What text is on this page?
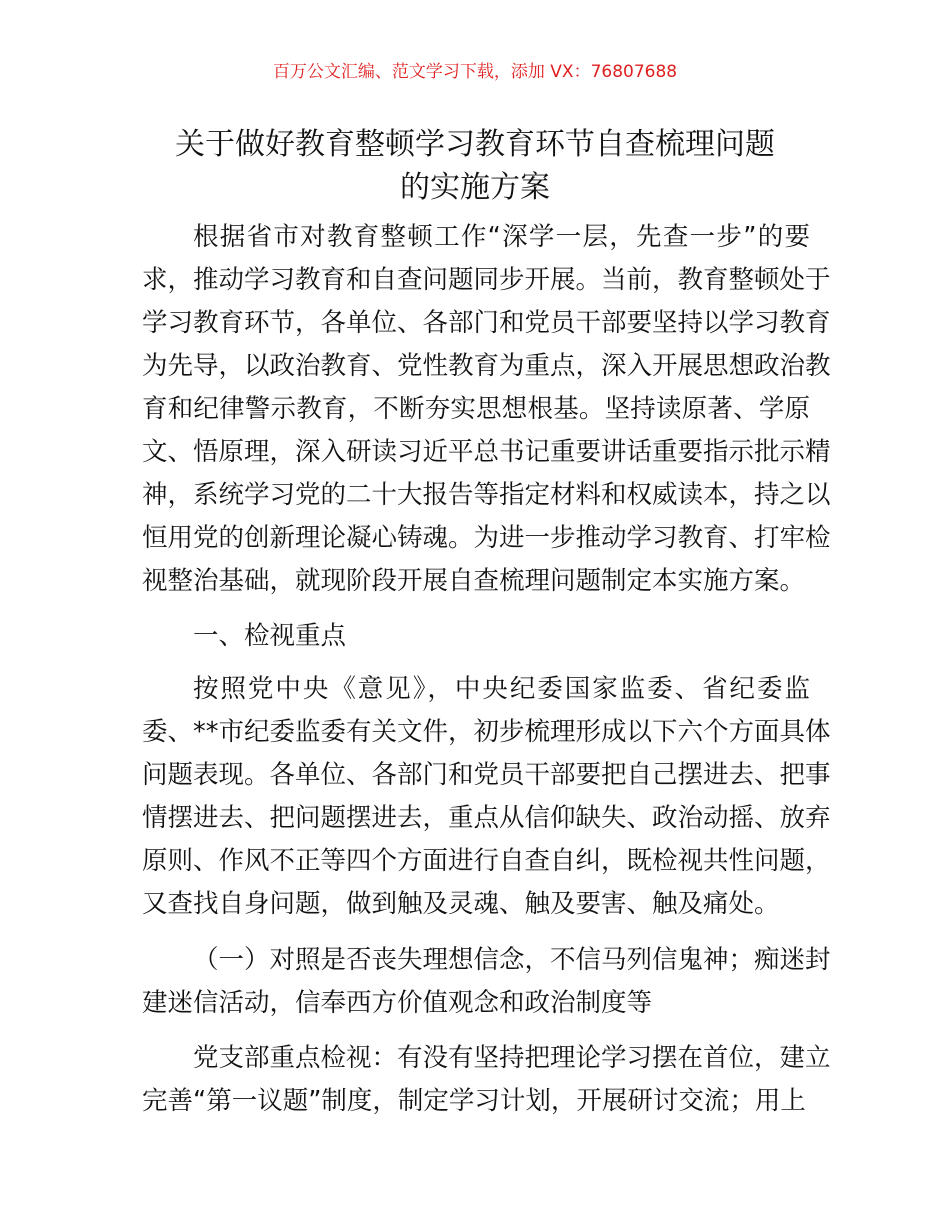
百万公文汇编、范文学习下载，添加 VX：76807688
关于做好教育整顿学习教育环节自查梳理问题
的实施方案
根据省市对教育整顿工作“深学一层，先查一步”的要
求，推动学习教育和自查问题同步开展。当前，教育整顿处于
学习教育环节，各单位、各部门和党员干部要坚持以学习教育
为先导，以政治教育、党性教育为重点，深入开展思想政治教
育和纪律警示教育，不断夯实思想根基。坚持读原著、学原
文、悟原理，深入研读习近平总书记重要讲话重要指示批示精
神，系统学习党的二十大报告等指定材料和权威读本，持之以
恒用党的创新理论凝心铸魂。为进一步推动学习教育、打牢检
视整治基础，就现阶段开展自查梳理问题制定本实施方案。
一、检视重点
按照党中央《意见》，中央纪委国家监委、省纪委监
委、**市纪委监委有关文件，初步梳理形成以下六个方面具体
问题表现。各单位、各部门和党员干部要把自己摆进去、把事
情摆进去、把问题摆进去，重点从信仰缺失、政治动摇、放弃
原则、作风不正等四个方面进行自查自纠，既检视共性问题，
又查找自身问题，做到触及灵魂、触及要害、触及痛处。
（一）对照是否丧失理想信念，不信马列信鬼神；痴迷封
建迷信活动，信奉西方价值观念和政治制度等
党支部重点检视：有没有坚持把理论学习摆在首位，建立
完善“第一议题”制度，制定学习计划，开展研讨交流；用上
